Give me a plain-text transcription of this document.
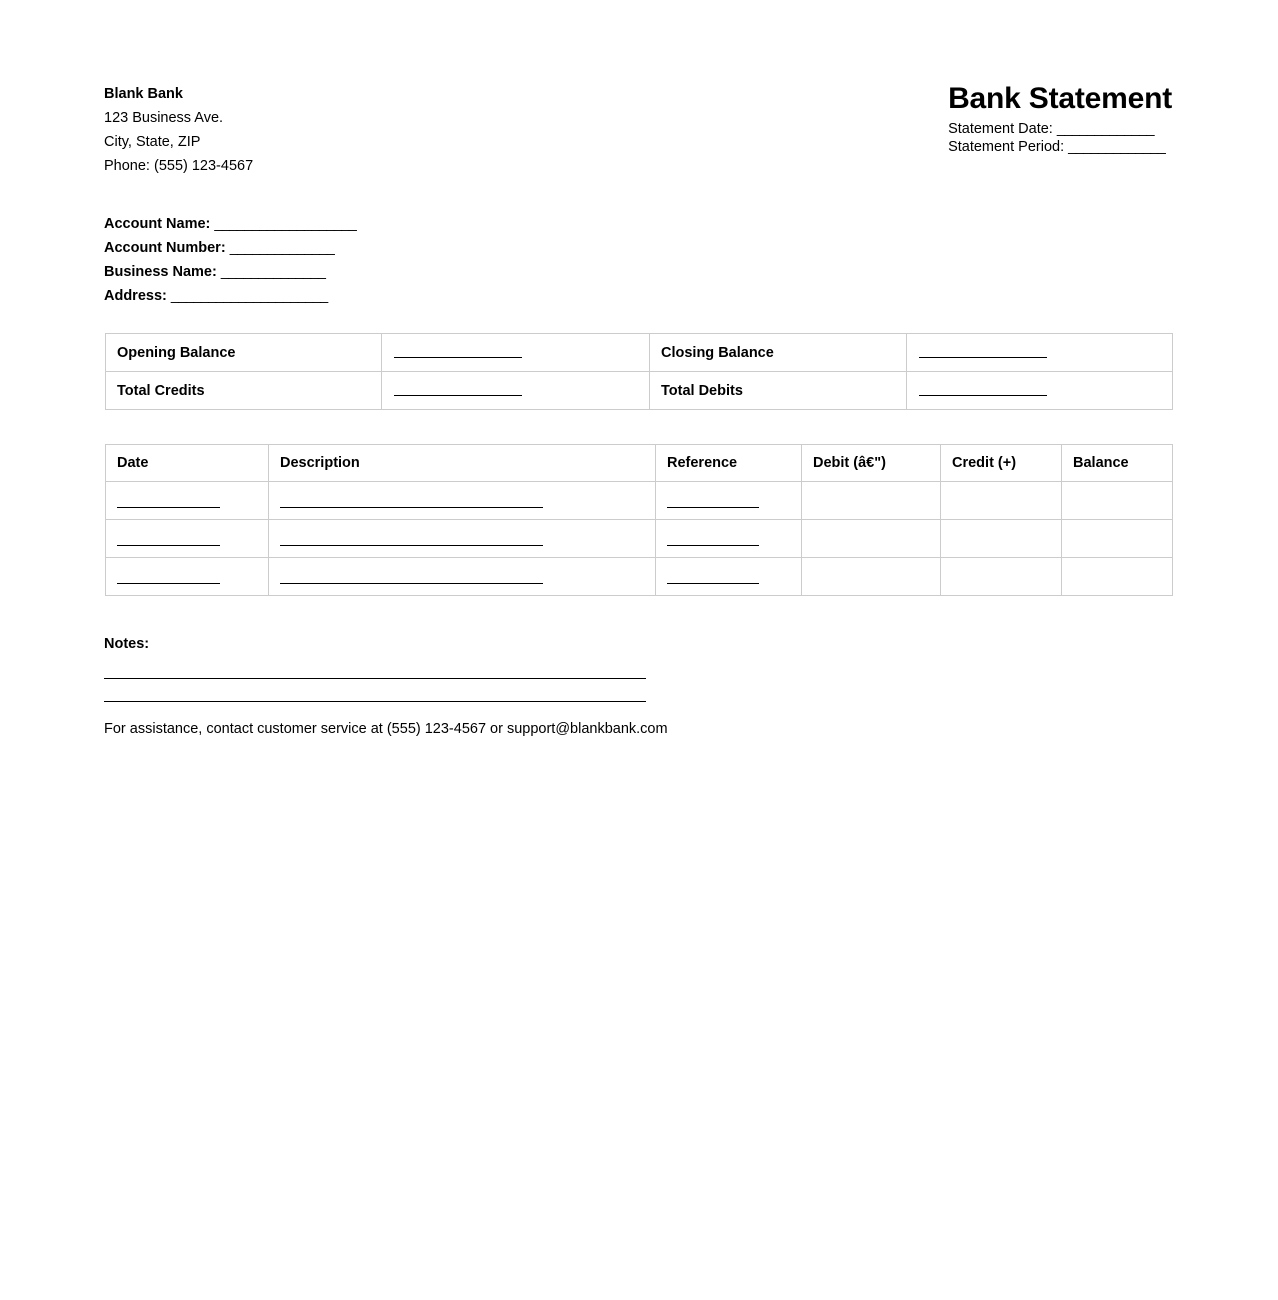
Blank Bank
123 Business Ave.
City, State, ZIP
Phone: (555) 123-4567
Bank Statement
Statement Date: _____________
Statement Period: _____________
Account Name: ___________________
Account Number: ______________
Business Name: ______________
Address: _____________________
Opening Balance		Closing Balance	
Total Credits		Total Debits	
Date	Description	Reference	Debit (â€")	Credit (+)	Balance

Notes:
For assistance, contact customer service at (555) 123-4567 or support@blankbank.com
